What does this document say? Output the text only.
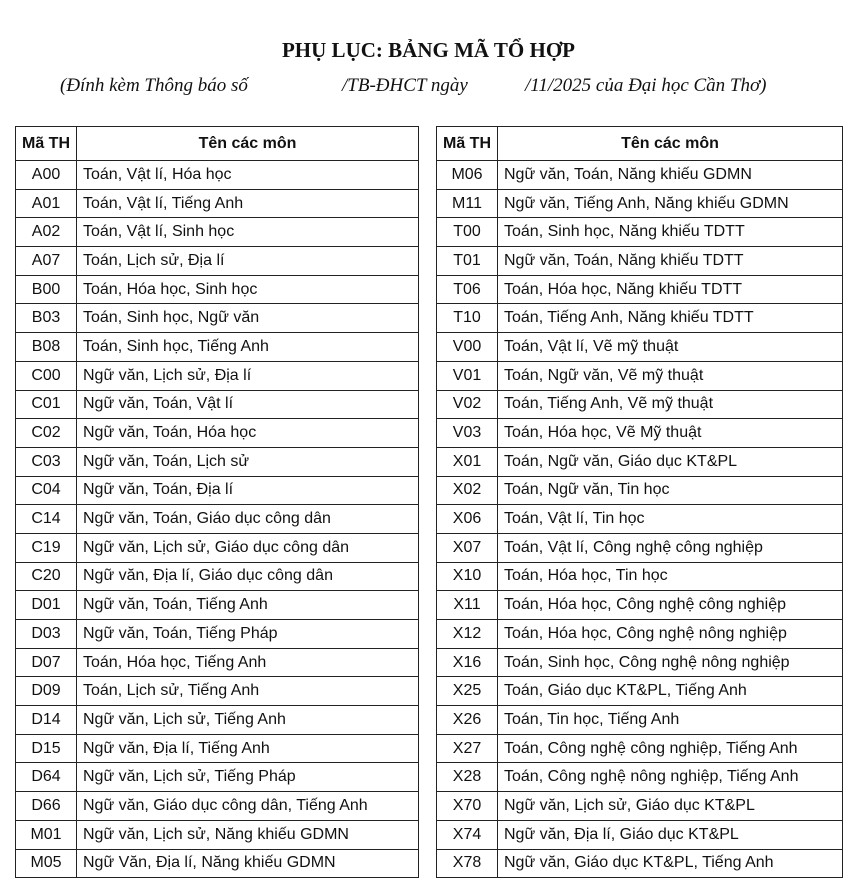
PHỤ LỤC: BẢNG MÃ TỔ HỢP

(Đính kèm Thông báo số

	/TB-ĐHCT ngày

	/11/2025 của Đại học Cần Thơ)

Mã TH	Tên các môn
A00	Toán, Vật lí, Hóa học
A01	Toán, Vật lí, Tiếng Anh
A02	Toán, Vật lí, Sinh học
A07	Toán, Lịch sử, Địa lí
B00	Toán, Hóa học, Sinh học
B03	Toán, Sinh học, Ngữ văn
B08	Toán, Sinh học, Tiếng Anh
C00	Ngữ văn, Lịch sử, Địa lí
C01	Ngữ văn, Toán, Vật lí
C02	Ngữ văn, Toán, Hóa học
C03	Ngữ văn, Toán, Lịch sử
C04	Ngữ văn, Toán, Địa lí
C14	Ngữ văn, Toán, Giáo dục công dân
C19	Ngữ văn, Lịch sử, Giáo dục công dân
C20	Ngữ văn, Địa lí, Giáo dục công dân
D01	Ngữ văn, Toán, Tiếng Anh
D03	Ngữ văn, Toán, Tiếng Pháp
D07	Toán, Hóa học, Tiếng Anh
D09	Toán, Lịch sử, Tiếng Anh
D14	Ngữ văn, Lịch sử, Tiếng Anh
D15	Ngữ văn, Địa lí, Tiếng Anh
D64	Ngữ văn, Lịch sử, Tiếng Pháp
D66	Ngữ văn, Giáo dục công dân, Tiếng Anh
M01	Ngữ văn, Lịch sử, Năng khiếu GDMN
M05	Ngữ Văn, Địa lí, Năng khiếu GDMN
Mã TH	Tên các môn
M06	Ngữ văn, Toán, Năng khiếu GDMN
M11	Ngữ văn, Tiếng Anh, Năng khiếu GDMN
T00	Toán, Sinh học, Năng khiếu TDTT
T01	Ngữ văn, Toán, Năng khiếu TDTT
T06	Toán, Hóa học, Năng khiếu TDTT
T10	Toán, Tiếng Anh, Năng khiếu TDTT
V00	Toán, Vật lí, Vẽ mỹ thuật
V01	Toán, Ngữ văn, Vẽ mỹ thuật
V02	Toán, Tiếng Anh, Vẽ mỹ thuật
V03	Toán, Hóa học, Vẽ Mỹ thuật
X01	Toán, Ngữ văn, Giáo dục KT&PL
X02	Toán, Ngữ văn, Tin học
X06	Toán, Vật lí, Tin học
X07	Toán, Vật lí, Công nghệ công nghiệp
X10	Toán, Hóa học, Tin học
X11	Toán, Hóa học, Công nghệ công nghiệp
X12	Toán, Hóa học, Công nghệ nông nghiệp
X16	Toán, Sinh học, Công nghệ nông nghiệp
X25	Toán, Giáo dục KT&PL, Tiếng Anh
X26	Toán, Tin học, Tiếng Anh
X27	Toán, Công nghệ công nghiệp, Tiếng Anh
X28	Toán, Công nghệ nông nghiệp, Tiếng Anh
X70	Ngữ văn, Lịch sử, Giáo dục KT&PL
X74	Ngữ văn, Địa lí, Giáo dục KT&PL
X78	Ngữ văn, Giáo dục KT&PL, Tiếng Anh
